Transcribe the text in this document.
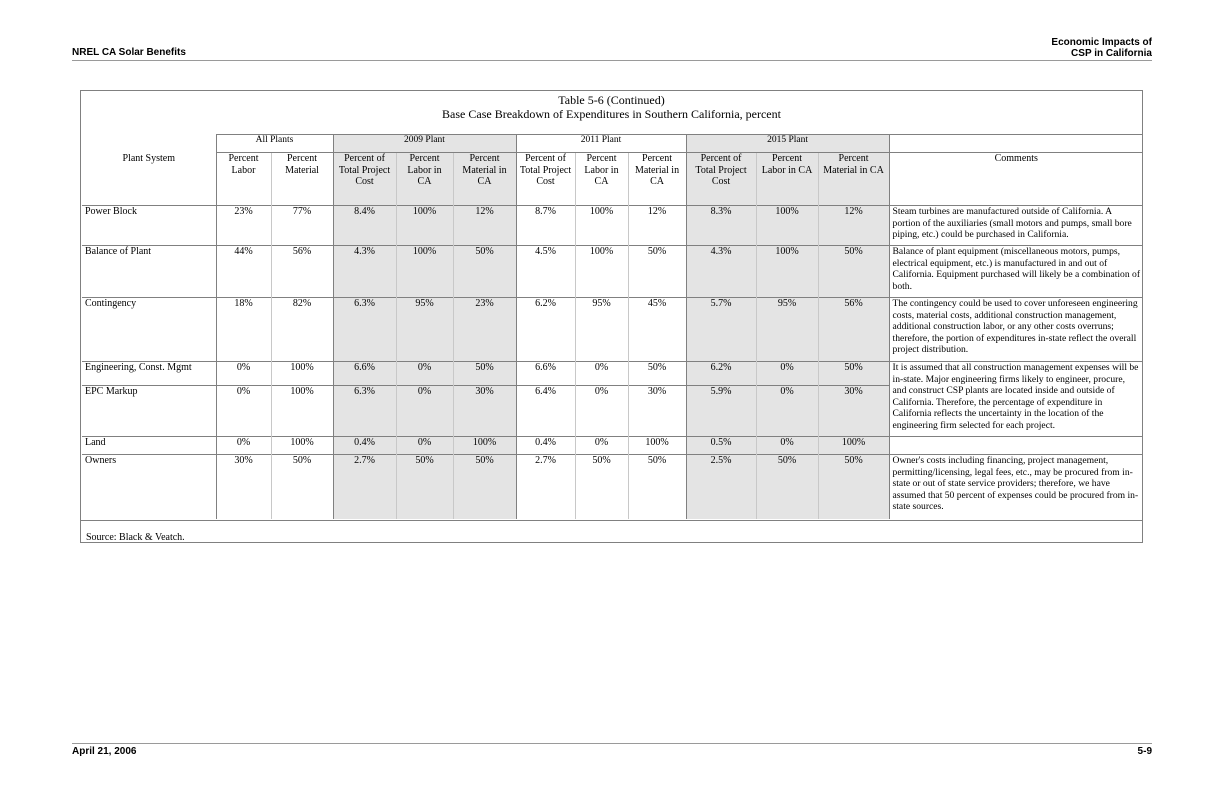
NREL CA Solar Benefits
Economic Impacts of
CSP in California
Table 5-6 (Continued)
Base Case Breakdown of Expenditures in Southern California, percent
	All Plants		2009 Plant			2011 Plant			2015 Plant			
Plant System	Percent Labor	Percent Material	Percent of Total Project Cost	Percent Labor in CA	Percent Material in CA	Percent of Total Project Cost	Percent Labor in CA	Percent Material in CA	Percent of Total Project Cost	Percent Labor in CA	Percent Material in CA	Comments
Power Block	23%	77%	8.4%	100%	12%	8.7%	100%	12%	8.3%	100%	12%	Steam turbines are manufactured outside of California. A portion of the auxiliaries (small motors and pumps, small bore piping, etc.) could be purchased in California.
Balance of Plant	44%	56%	4.3%	100%	50%	4.5%	100%	50%	4.3%	100%	50%	Balance of plant equipment (miscellaneous motors, pumps, electrical equipment, etc.) is manufactured in and out of California. Equipment purchased will likely be a combination of both.
Contingency	18%	82%	6.3%	95%	23%	6.2%	95%	45%	5.7%	95%	56%	The contingency could be used to cover unforeseen engineering costs, material costs, additional construction management, additional construction labor, or any other costs overruns; therefore, the portion of expenditures in-state reflect the overall project distribution.
Engineering, Const. Mgmt	0%	100%	6.6%	0%	50%	6.6%	0%	50%	6.2%	0%	50%	It is assumed that all construction management expenses will be in-state. Major engineering firms likely to engineer, procure, and construct CSP plants are located inside and outside of California. Therefore, the percentage of expenditure in California reflects the uncertainty in the location of the engineering firm selected for each project.
EPC Markup	0%	100%	6.3%	0%	30%	6.4%	0%	30%	5.9%	0%	30%	
Land	0%	100%	0.4%	0%	100%	0.4%	0%	100%	0.5%	0%	100%	
Owners	30%	50%	2.7%	50%	50%	2.7%	50%	50%	2.5%	50%	50%	Owner's costs including financing, project management, permitting/licensing, legal fees, etc., may be procured from in-state or out of state service providers; therefore, we have assumed that 50 percent of expenses could be procured from in-state sources.
Source: Black & Veatch.
April 21, 2006	5-9
